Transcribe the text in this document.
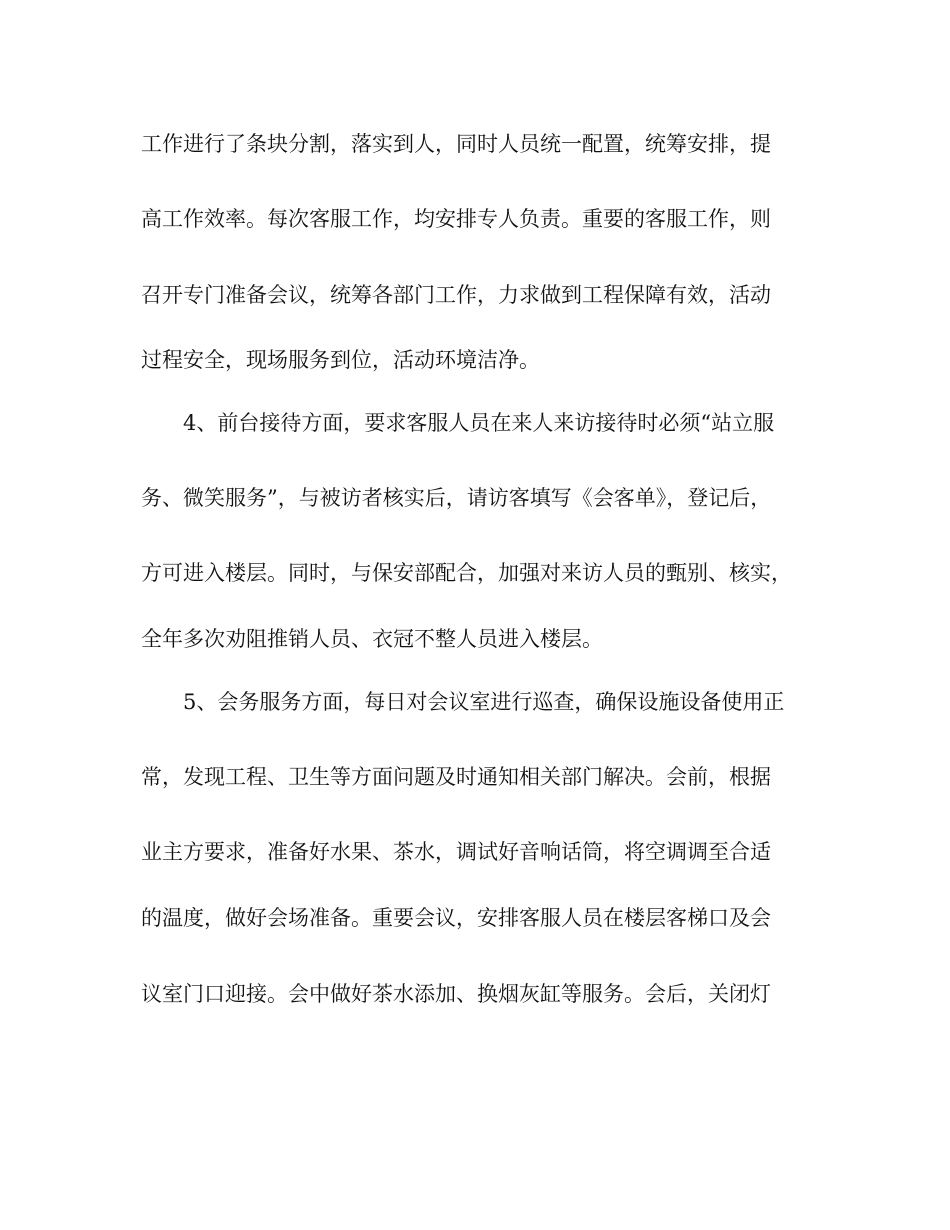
工作进行了条块分割，落实到人，同时人员统一配置，统筹安排，提
高工作效率。每次客服工作，均安排专人负责。重要的客服工作，则
召开专门准备会议，统筹各部门工作，力求做到工程保障有效，活动
过程安全，现场服务到位，活动环境洁净。
4、前台接待方面，要求客服人员在来人来访接待时必须“站立服
务、微笑服务”，与被访者核实后，请访客填写《会客单》，登记后，
方可进入楼层。同时，与保安部配合，加强对来访人员的甄别、核实，
全年多次劝阻推销人员、衣冠不整人员进入楼层。
5、会务服务方面，每日对会议室进行巡查，确保设施设备使用正
常，发现工程、卫生等方面问题及时通知相关部门解决。会前，根据
业主方要求，准备好水果、茶水，调试好音响话筒，将空调调至合适
的温度，做好会场准备。重要会议，安排客服人员在楼层客梯口及会
议室门口迎接。会中做好茶水添加、换烟灰缸等服务。会后，关闭灯
